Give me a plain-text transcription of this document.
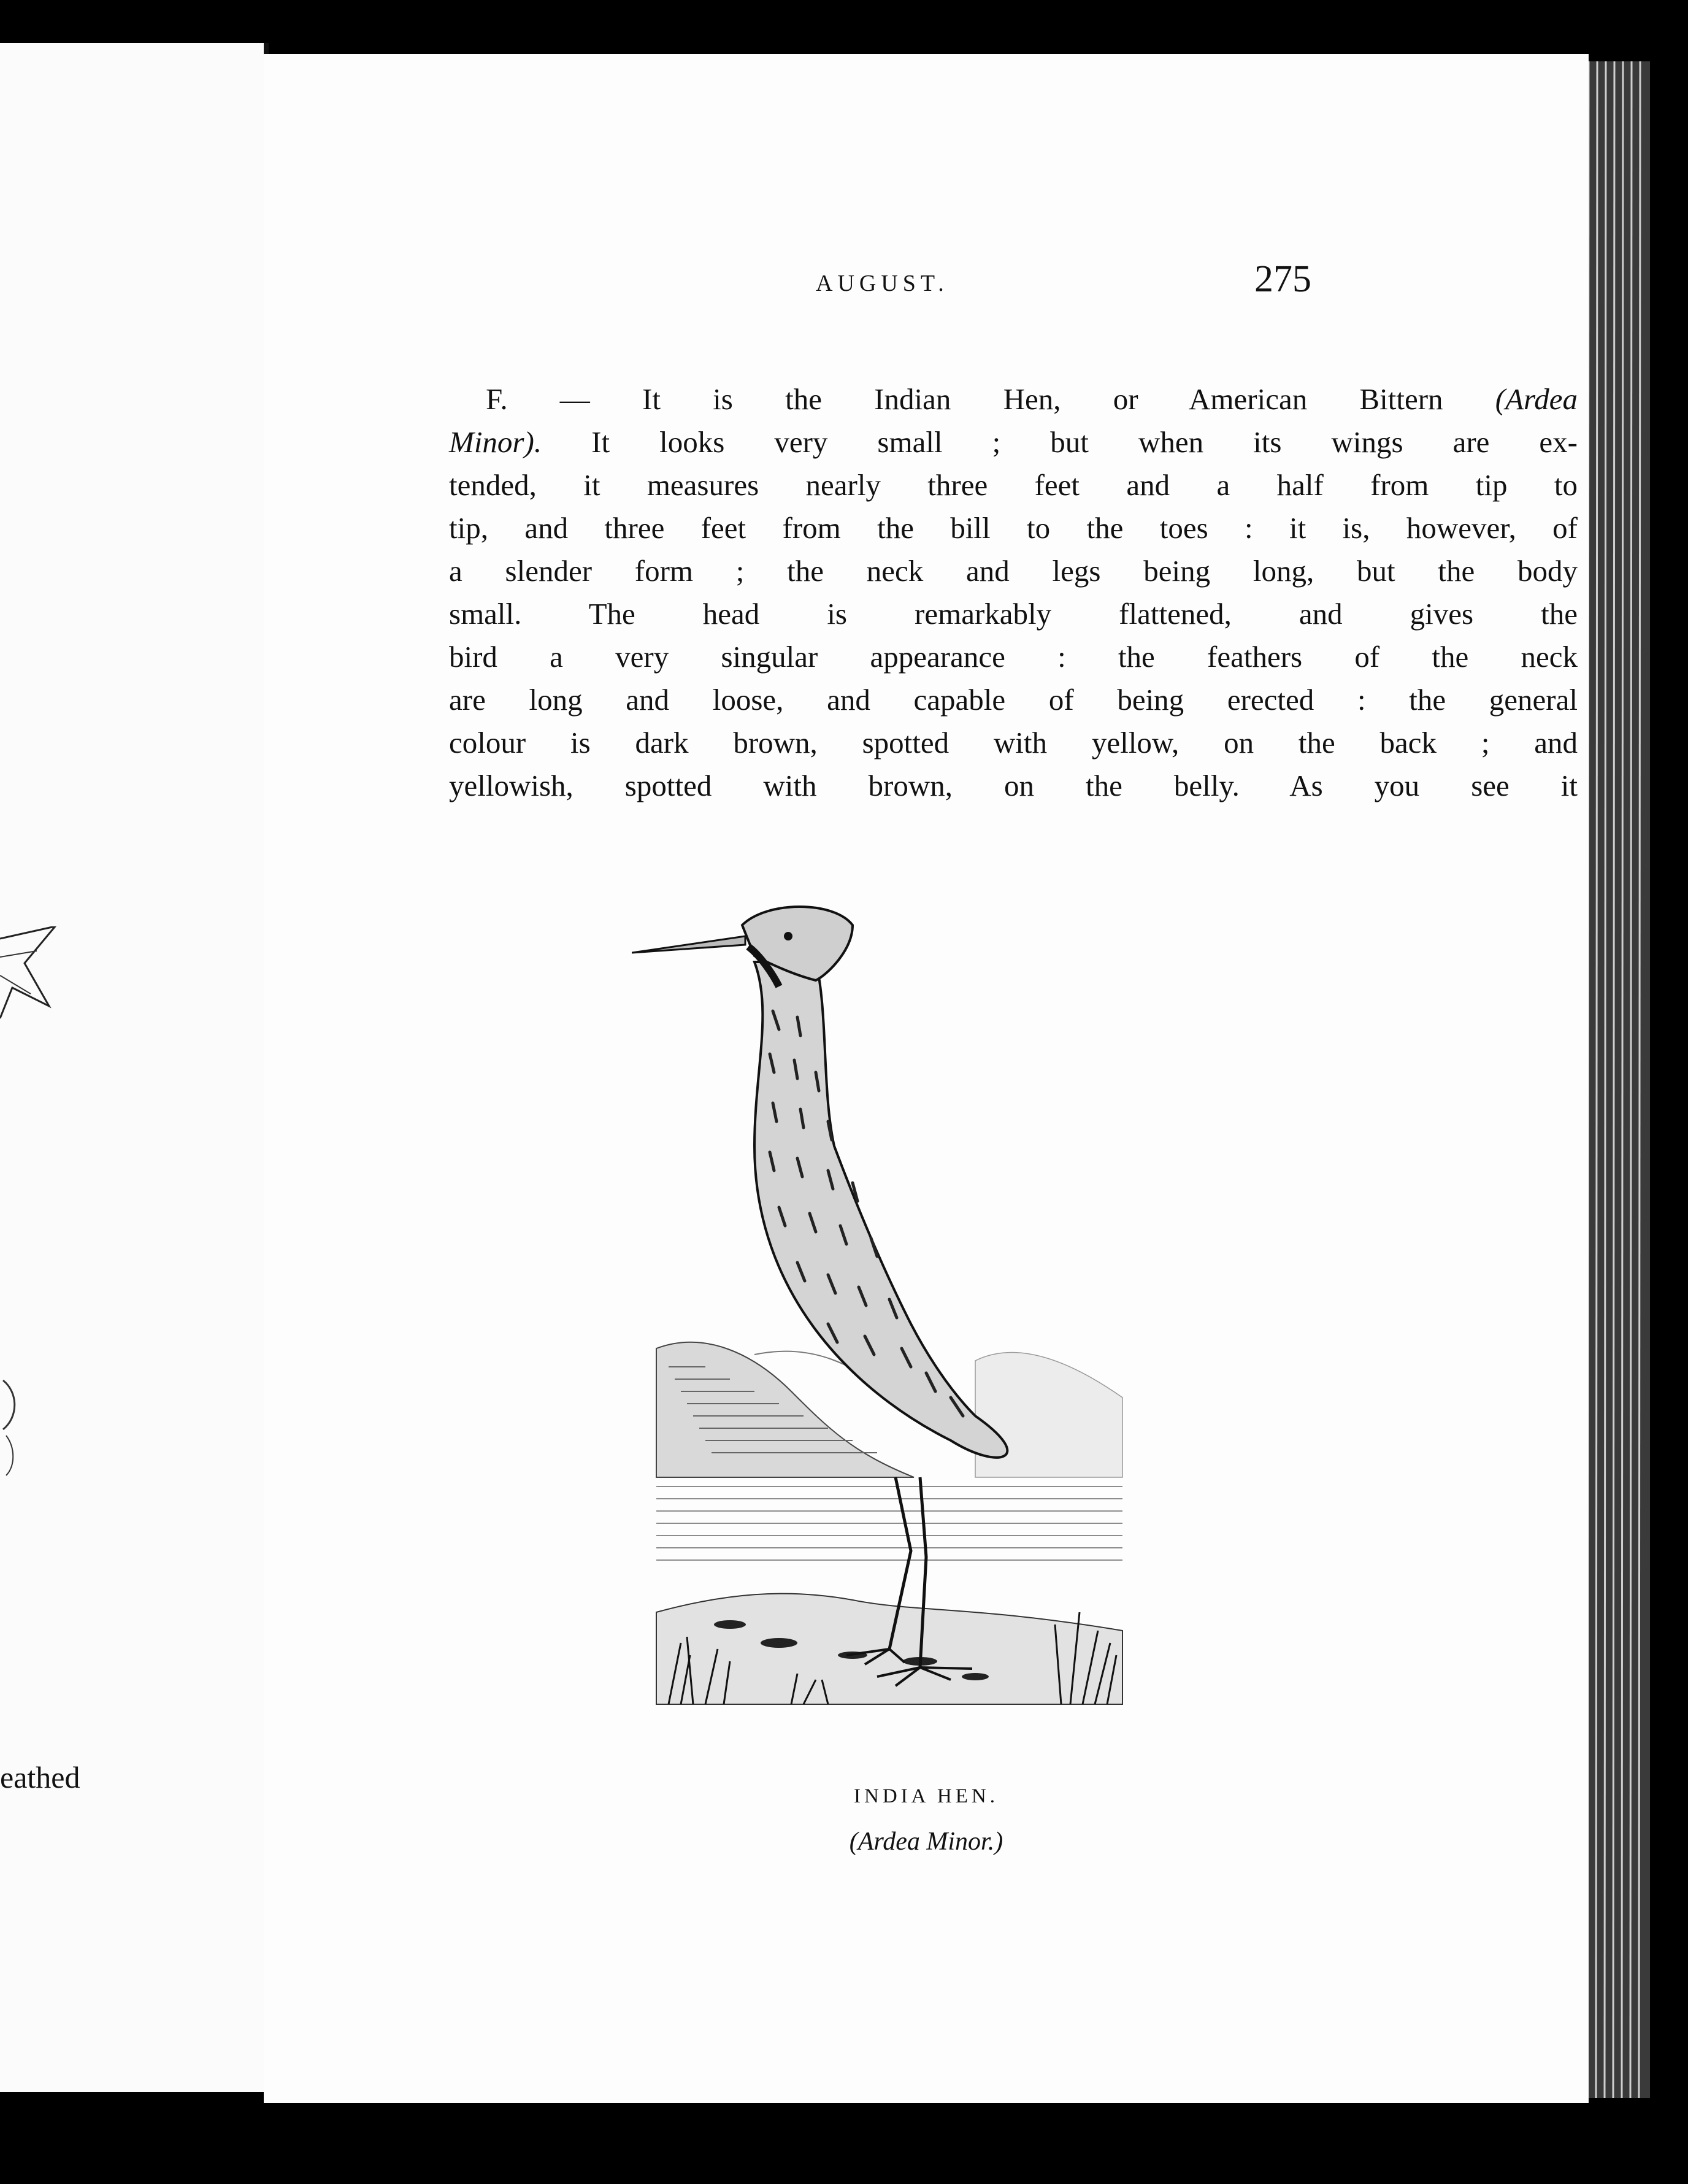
eathed
AUGUST.	275
F. — It is the Indian Hen, or American Bittern (Ardea
Minor). It looks very small ; but when its wings are ex-
tended, it measures nearly three feet and a half from tip to
tip, and three feet from the bill to the toes : it is, however, of
a slender form ; the neck and legs being long, but the body
small. The head is remarkably flattened, and gives the
bird a very singular appearance : the feathers of the neck
are long and loose, and capable of being erected : the general
colour is dark brown, spotted with yellow, on the back ; and
yellowish, spotted with brown, on the belly. As you see it
INDIA HEN.
(Ardea Minor.)
